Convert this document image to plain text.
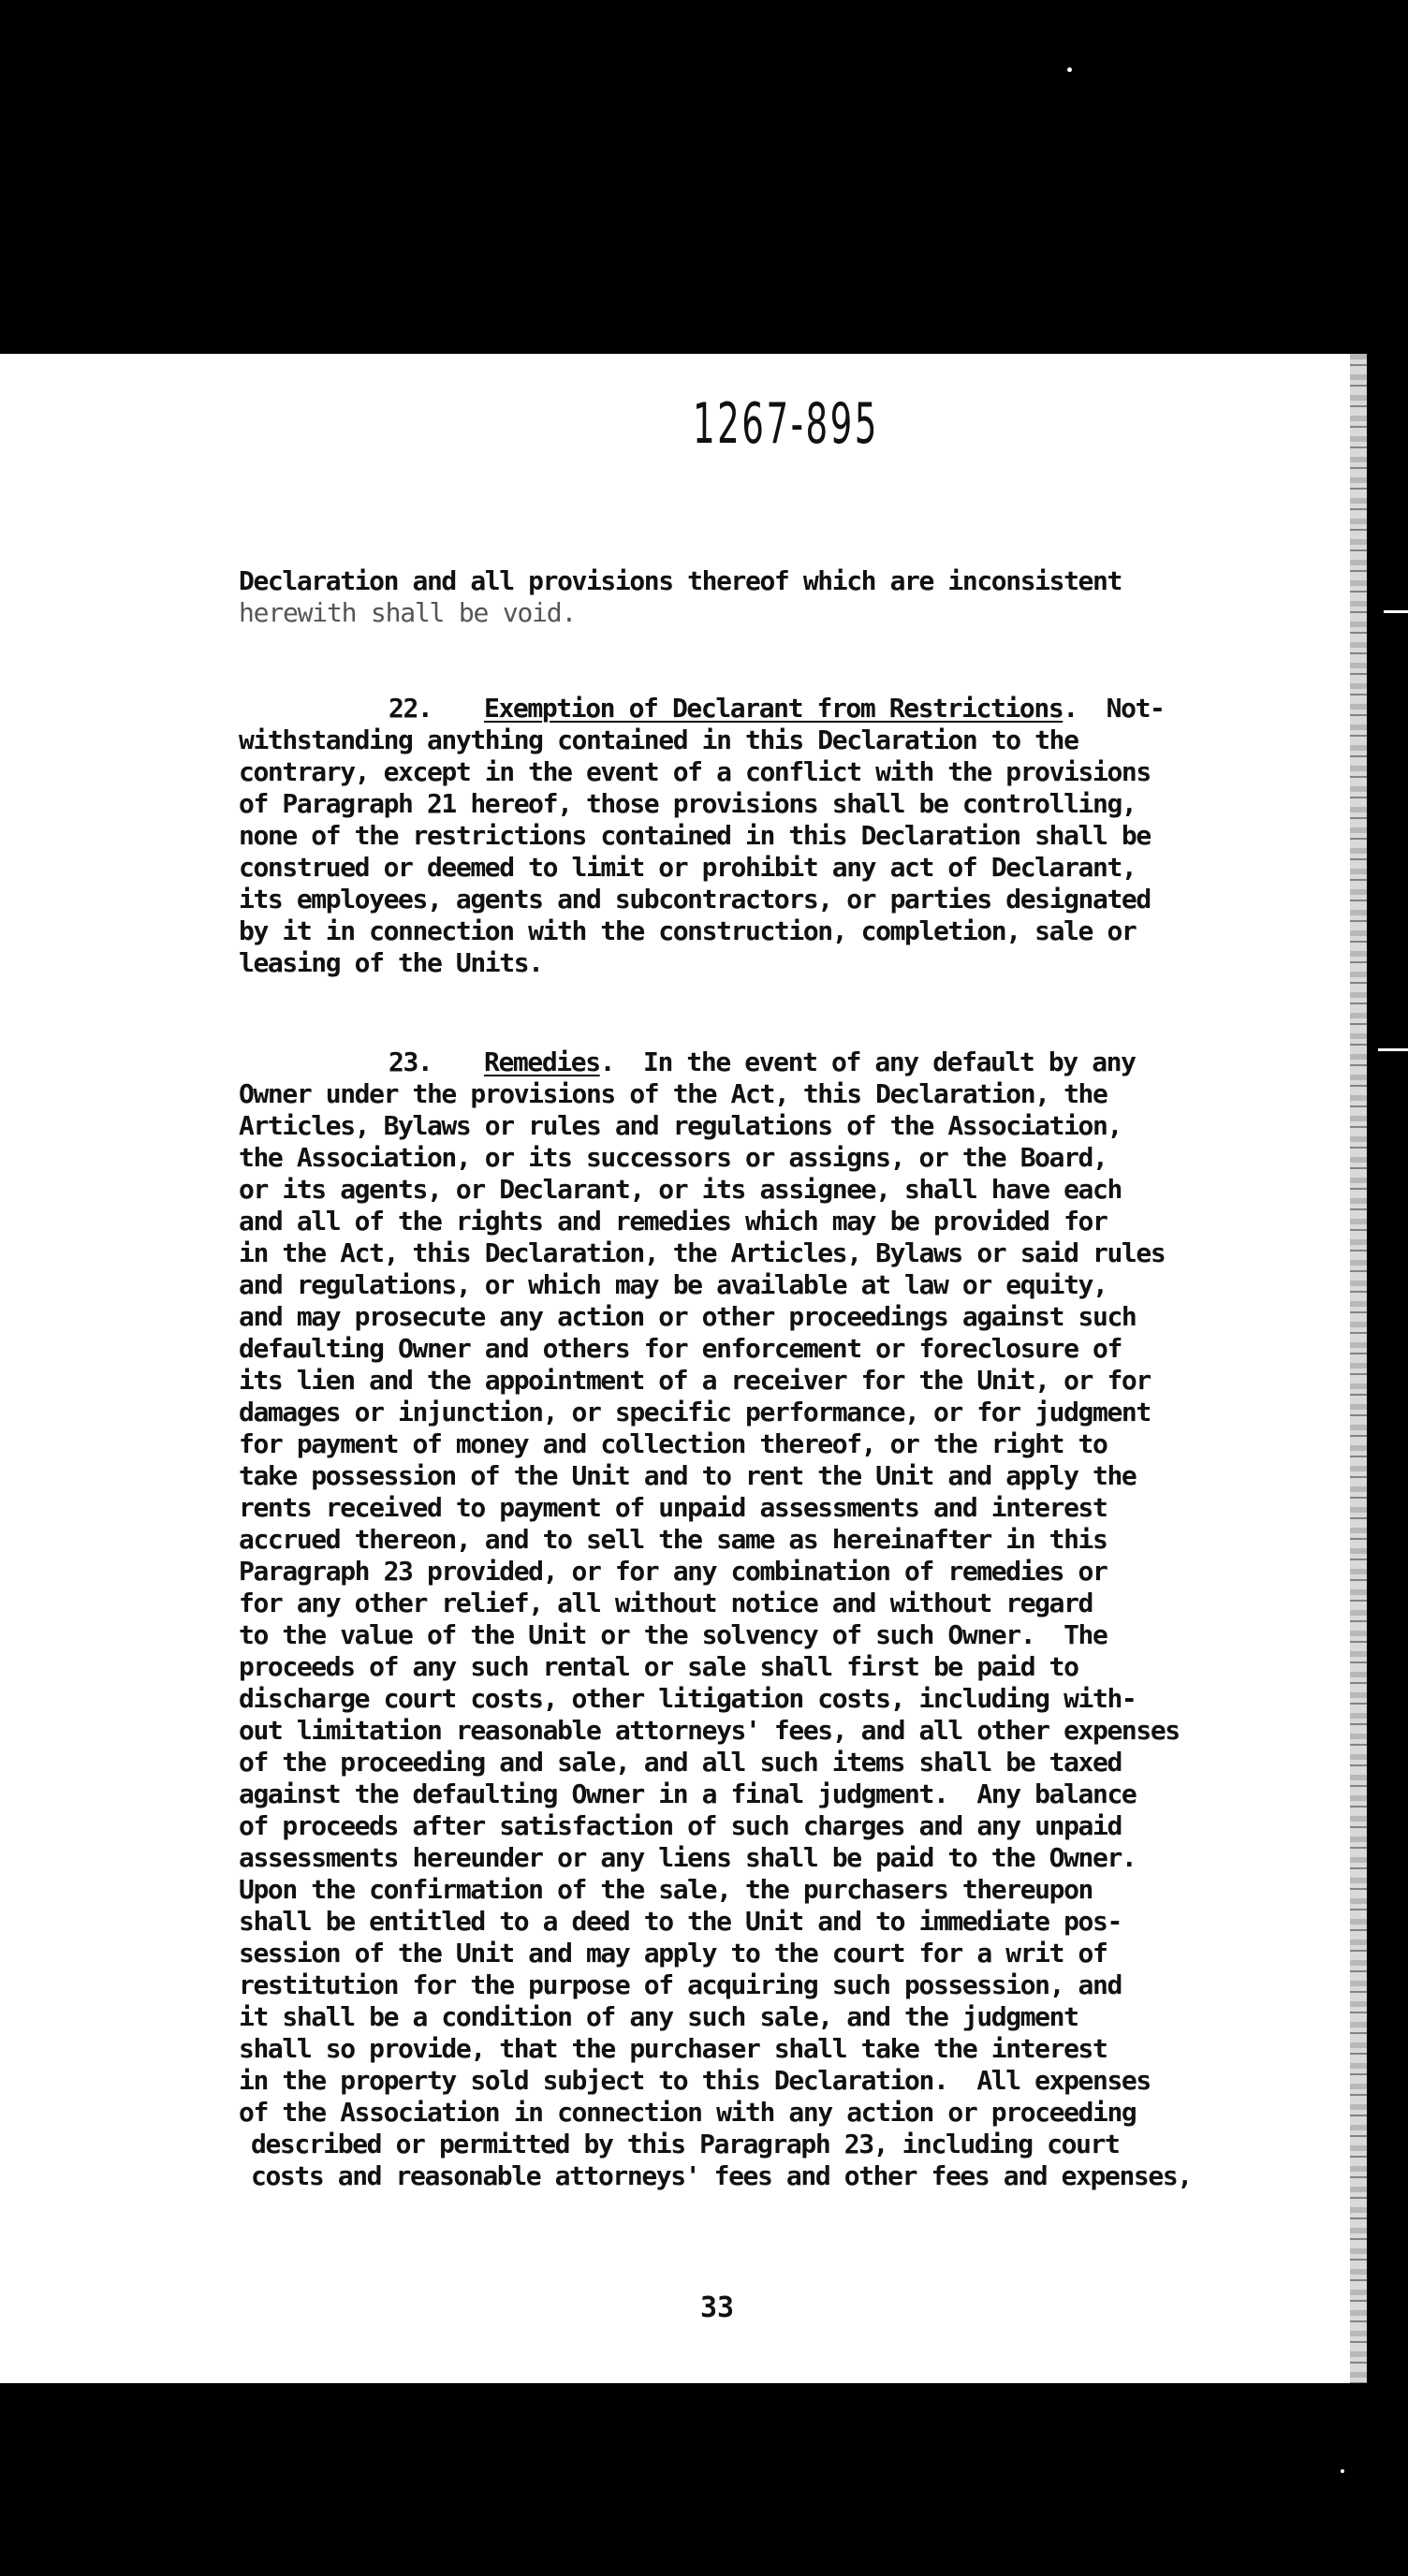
1267-895
Declaration and all provisions thereof which are inconsistent
herewith shall be void.
22. Exemption of Declarant from Restrictions.  Not-
withstanding anything contained in this Declaration to the
contrary, except in the event of a conflict with the provisions
of Paragraph 21 hereof, those provisions shall be controlling,
none of the restrictions contained in this Declaration shall be
construed or deemed to limit or prohibit any act of Declarant,
its employees, agents and subcontractors, or parties designated
by it in connection with the construction, completion, sale or
leasing of the Units.
23. Remedies.  In the event of any default by any
Owner under the provisions of the Act, this Declaration, the
Articles, Bylaws or rules and regulations of the Association,
the Association, or its successors or assigns, or the Board,
or its agents, or Declarant, or its assignee, shall have each
and all of the rights and remedies which may be provided for
in the Act, this Declaration, the Articles, Bylaws or said rules
and regulations, or which may be available at law or equity,
and may prosecute any action or other proceedings against such
defaulting Owner and others for enforcement or foreclosure of
its lien and the appointment of a receiver for the Unit, or for
damages or injunction, or specific performance, or for judgment
for payment of money and collection thereof, or the right to
take possession of the Unit and to rent the Unit and apply the
rents received to payment of unpaid assessments and interest
accrued thereon, and to sell the same as hereinafter in this
Paragraph 23 provided, or for any combination of remedies or
for any other relief, all without notice and without regard
to the value of the Unit or the solvency of such Owner.  The
proceeds of any such rental or sale shall first be paid to
discharge court costs, other litigation costs, including with-
out limitation reasonable attorneys' fees, and all other expenses
of the proceeding and sale, and all such items shall be taxed
against the defaulting Owner in a final judgment.  Any balance
of proceeds after satisfaction of such charges and any unpaid
assessments hereunder or any liens shall be paid to the Owner.
Upon the confirmation of the sale, the purchasers thereupon
shall be entitled to a deed to the Unit and to immediate pos-
session of the Unit and may apply to the court for a writ of
restitution for the purpose of acquiring such possession, and
it shall be a condition of any such sale, and the judgment
shall so provide, that the purchaser shall take the interest
in the property sold subject to this Declaration.  All expenses
of the Association in connection with any action or proceeding
described or permitted by this Paragraph 23, including court
costs and reasonable attorneys' fees and other fees and expenses,
33
